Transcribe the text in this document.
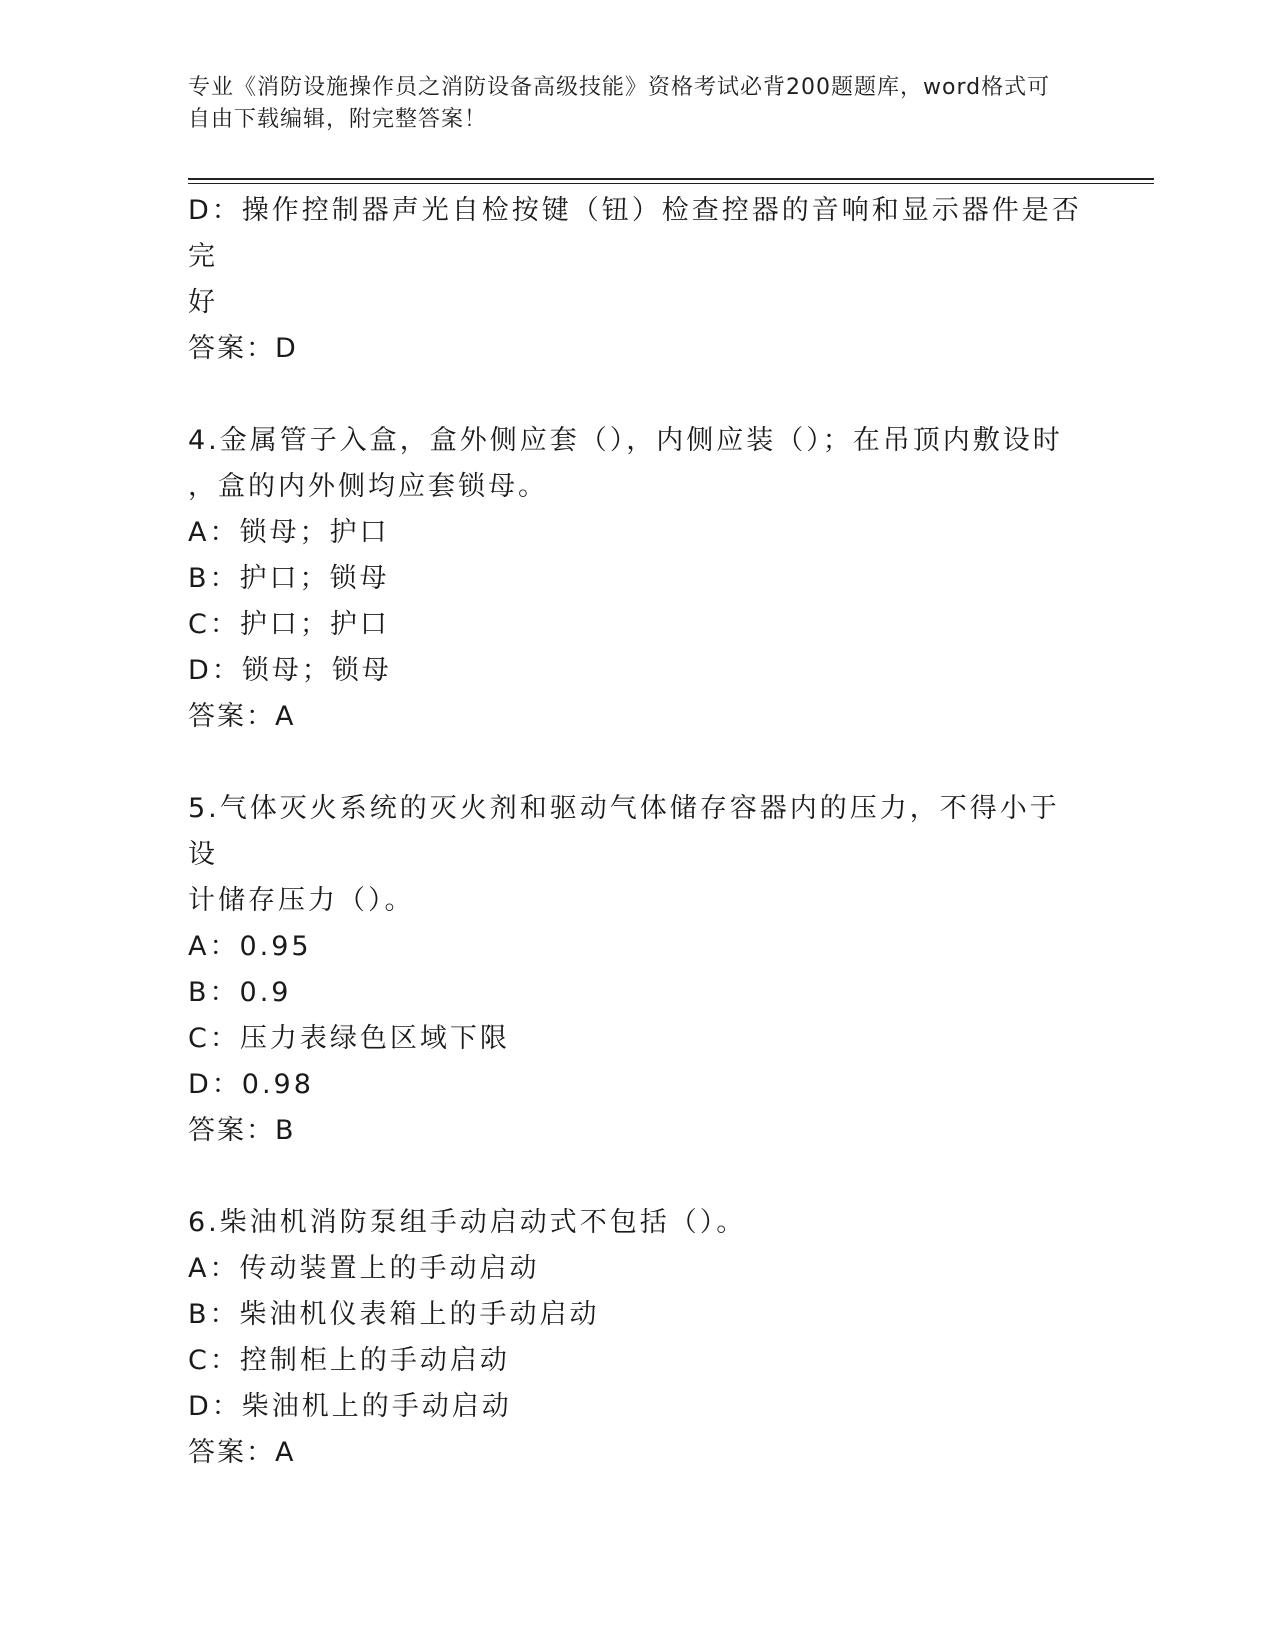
专业《消防设施操作员之消防设备高级技能》资格考试必背200题题库，word格式可自由下载编辑，附完整答案！
D：操作控制器声光自检按键（钮）检查控器的音响和显示器件是否完
好
答案：D
4.金属管子入盒，盒外侧应套（），内侧应装（）；在吊顶内敷设时
，盒的内外侧均应套锁母。
A：锁母；护口
B：护口；锁母
C：护口；护口
D：锁母；锁母
答案：A
5.气体灭火系统的灭火剂和驱动气体储存容器内的压力，不得小于设
计储存压力（）。
A：0.95
B：0.9
C：压力表绿色区域下限
D：0.98
答案：B
6.柴油机消防泵组手动启动式不包括（）。
A：传动装置上的手动启动
B：柴油机仪表箱上的手动启动
C：控制柜上的手动启动
D：柴油机上的手动启动
答案：A
